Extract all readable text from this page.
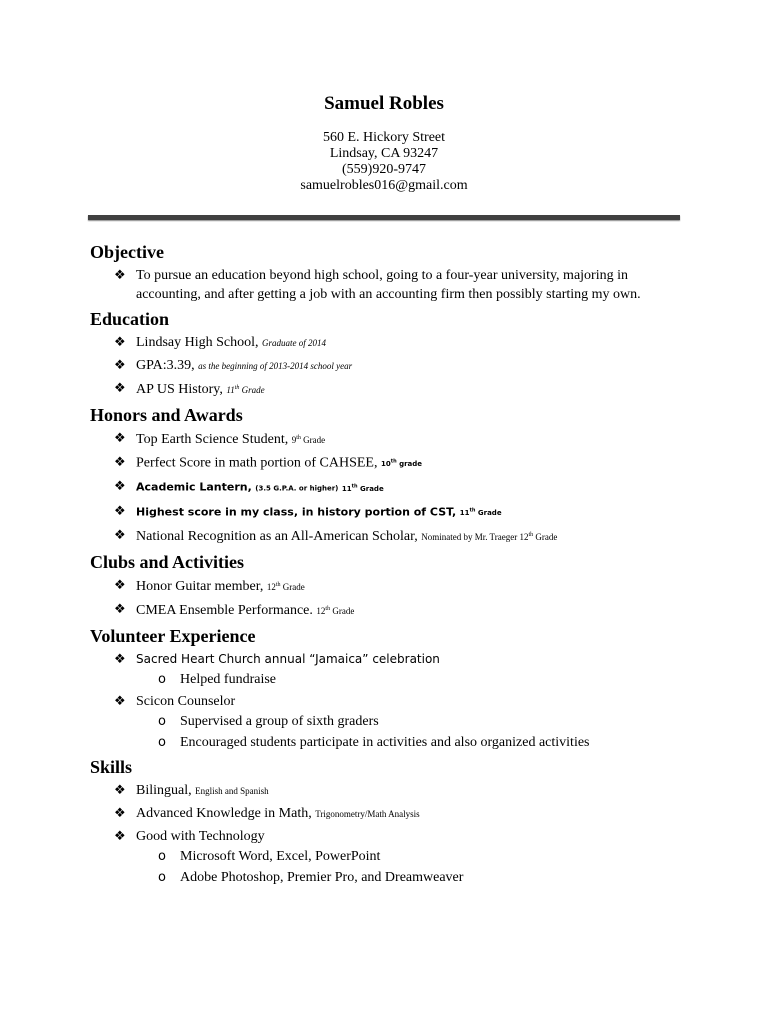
Samuel Robles
560 E. Hickory Street
Lindsay, CA 93247
(559)920-9747
samuelrobles016@gmail.com
Objective
❖ To pursue an education beyond high school, going to a four-year university, majoring in accounting, and after getting a job with an accounting firm then possibly starting my own.
Education
❖ Lindsay High School, Graduate of 2014
❖ GPA:3.39, as the beginning of 2013-2014 school year
❖ AP US History, 11th Grade
Honors and Awards
❖ Top Earth Science Student, 9th Grade
❖ Perfect Score in math portion of CAHSEE, 10th grade
❖ Academic Lantern, (3.5 G.P.A. or higher) 11th Grade
❖ Highest score in my class, in history portion of CST, 11th Grade
❖ National Recognition as an All-American Scholar, Nominated by Mr. Traeger 12th Grade
Clubs and Activities
❖ Honor Guitar member, 12th Grade
❖ CMEA Ensemble Performance. 12th Grade
Volunteer Experience
❖ Sacred Heart Church annual “Jamaica” celebration
o Helped fundraise
❖ Scicon Counselor
o Supervised a group of sixth graders
o Encouraged students participate in activities and also organized activities
Skills
❖ Bilingual, English and Spanish
❖ Advanced Knowledge in Math, Trigonometry/Math Analysis
❖ Good with Technology
o Microsoft Word, Excel, PowerPoint
o Adobe Photoshop, Premier Pro, and Dreamweaver
